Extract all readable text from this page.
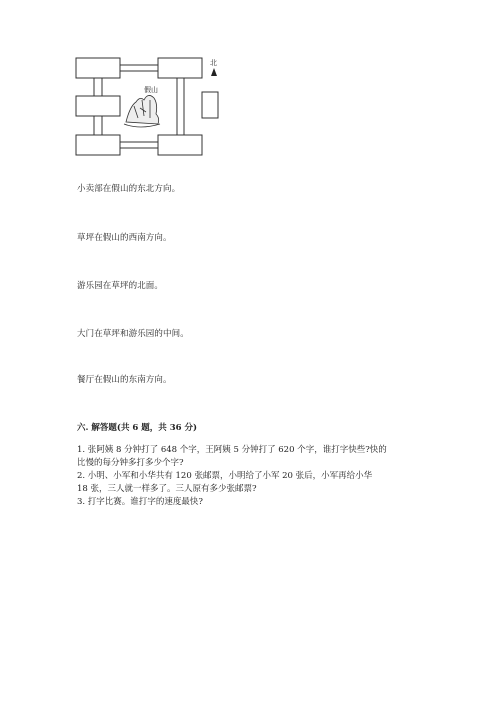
假山
北
小卖部在假山的东北方向。
草坪在假山的西南方向。
游乐园在草坪的北面。
大门在草坪和游乐园的中间。
餐厅在假山的东南方向。
六. 解答题(共 6 题，共 36 分)
1. 张阿姨 8 分钟打了 648 个字，王阿姨 5 分钟打了 620 个字，谁打字快些?快的
比慢的每分钟多打多少个字?
2. 小明、小军和小华共有 120 张邮票，小明给了小军 20 张后，小军再给小华
18 张，三人就一样多了。三人原有多少张邮票?
3. 打字比赛。谁打字的速度最快?
